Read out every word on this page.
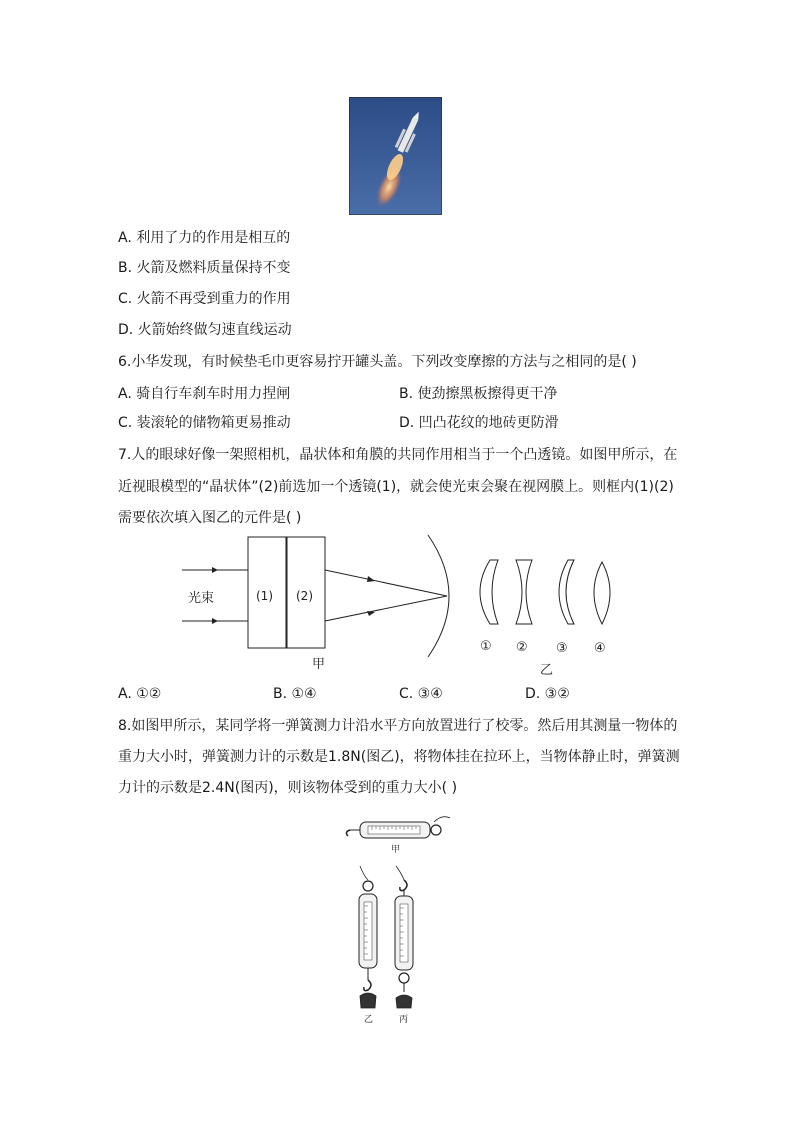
A. 利用了力的作用是相互的
B. 火箭及燃料质量保持不变
C. 火箭不再受到重力的作用
D. 火箭始终做匀速直线运动
6.小华发现，有时候垫毛巾更容易拧开罐头盖。下列改变摩擦的方法与之相同的是( )
A. 骑自行车刹车时用力捏闸	B. 使劲擦黑板擦得更干净
C. 装滚轮的储物箱更易推动	D. 凹凸花纹的地砖更防滑
7.人的眼球好像一架照相机，晶状体和角膜的共同作用相当于一个凸透镜。如图甲所示，在
近视眼模型的“晶状体”(2)前选加一个透镜(1)，就会使光束会聚在视网膜上。则框内(1)(2)
需要依次填入图乙的元件是( )
光束	(1) (2)
甲
① ② ③ ④
乙
A. ①②	B. ①④	C. ③④	D. ③②
8.如图甲所示，某同学将一弹簧测力计沿水平方向放置进行了校零。然后用其测量一物体的
重力大小时，弹簧测力计的示数是1.8N(图乙)，将物体挂在拉环上，当物体静止时，弹簧测
力计的示数是2.4N(图丙)，则该物体受到的重力大小( )
甲
乙	丙
